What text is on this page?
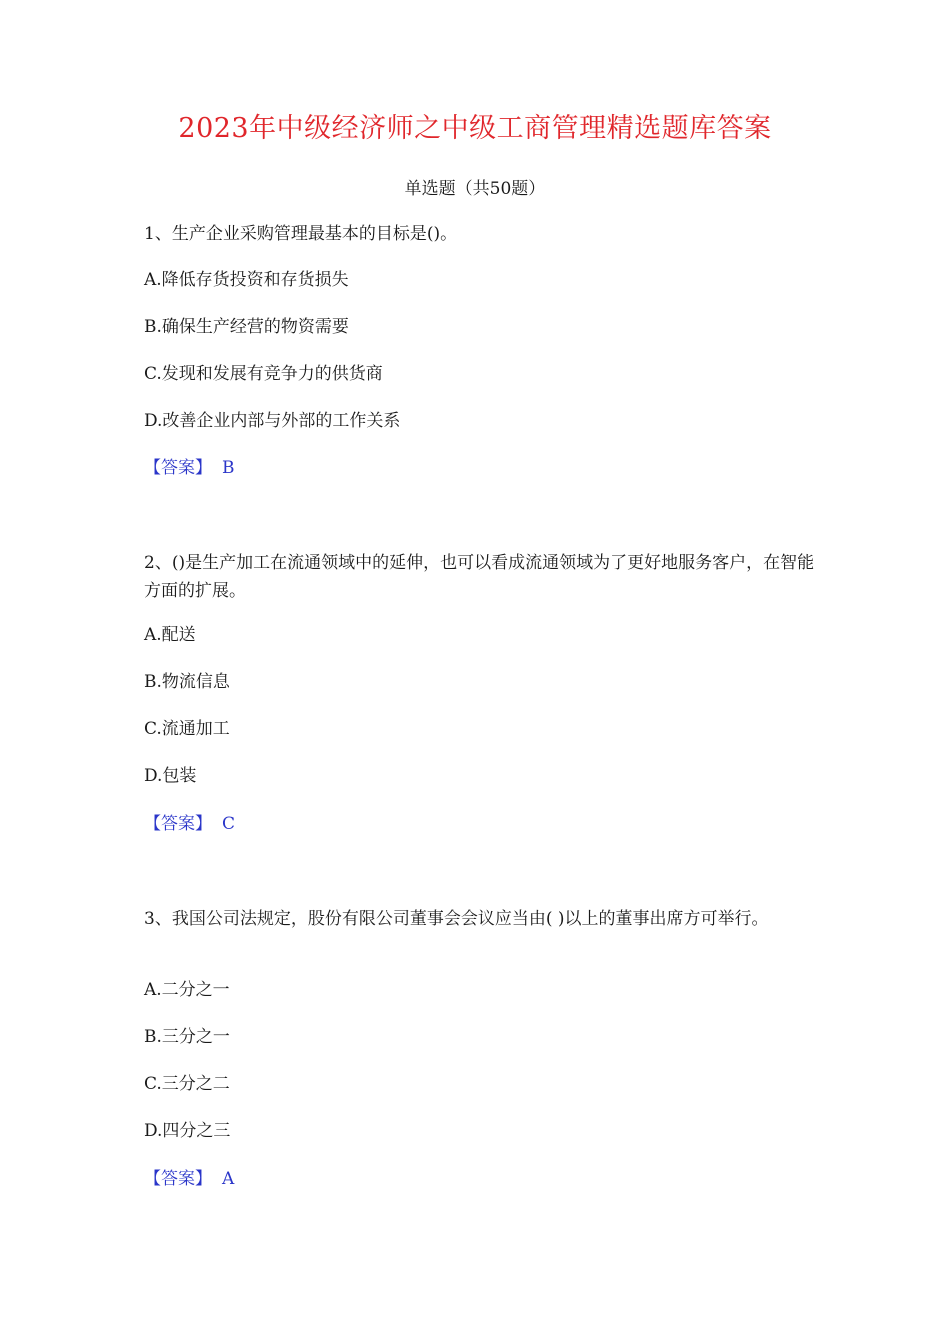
2023年中级经济师之中级工商管理精选题库答案
单选题（共50题）
1、生产企业采购管理最基本的目标是()。
A.降低存货投资和存货损失
B.确保生产经营的物资需要
C.发现和发展有竞争力的供货商
D.改善企业内部与外部的工作关系
【答案】 B
2、()是生产加工在流通领域中的延伸，也可以看成流通领域为了更好地服务客户，在智能方面的扩展。
A.配送
B.物流信息
C.流通加工
D.包装
【答案】 C
3、我国公司法规定，股份有限公司董事会会议应当由( )以上的董事出席方可举行。
A.二分之一
B.三分之一
C.三分之二
D.四分之三
【答案】 A
